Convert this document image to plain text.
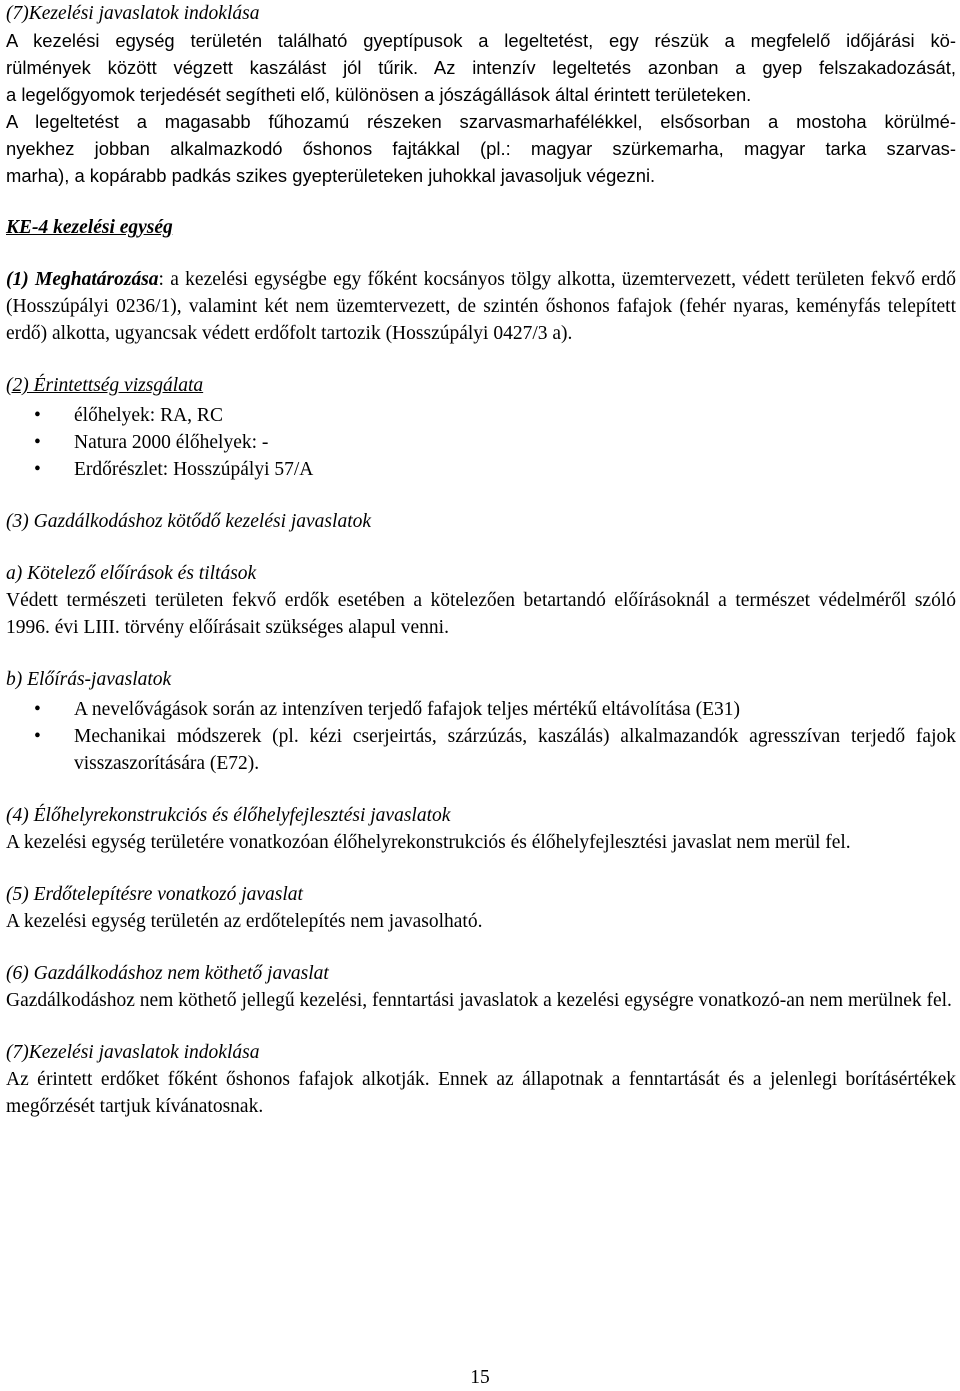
(7)Kezelési javaslatok indoklása

A kezelési egység területén található gyeptípusok a legeltetést, egy részük a megfelelő időjárási kö-
rülmények között végzett kaszálást jól tűrik. Az intenzív legeltetés azonban a gyep felszakadozását,
a legelőgyomok terjedését segítheti elő, különösen a jószágállások által érintett területeken.
A legeltetést a magasabb fűhozamú részeken szarvasmarhafélékkel, elsősorban a mostoha körülmé-
nyekhez jobban alkalmazkodó őshonos fajtákkal (pl.: magyar szürkemarha, magyar tarka szarvas-
marha), a kopárabb padkás szikes gyepterületeken juhokkal javasoljuk végezni.

KE-4 kezelési egység

(1) Meghatározása: a kezelési egységbe egy főként kocsányos tölgy alkotta, üzemtervezett, védett területen fekvő erdő (Hosszúpályi 0236/1), valamint két nem üzemtervezett, de szintén őshonos fafajok (fehér nyaras, keményfás telepített erdő) alkotta, ugyancsak védett erdőfolt tartozik (Hosszúpályi 0427/3 a).

(2) Érintettség vizsgálata

• élőhelyek: RA, RC
• Natura 2000 élőhelyek: -
• Erdőrészlet: Hosszúpályi 57/A

(3) Gazdálkodáshoz kötődő kezelési javaslatok

a) Kötelező előírások és tiltások

Védett természeti területen fekvő erdők esetében a kötelezően betartandó előírásoknál a természet védelméről szóló 1996. évi LIII. törvény előírásait szükséges alapul venni.

b) Előírás-javaslatok

• A nevelővágások során az intenzíven terjedő fafajok teljes mértékű eltávolítása (E31)
• Mechanikai módszerek (pl. kézi cserjeirtás, szárzúzás, kaszálás) alkalmazandók agresszívan terjedő fajok visszaszorítására (E72).

(4) Élőhelyrekonstrukciós és élőhelyfejlesztési javaslatok

A kezelési egység területére vonatkozóan élőhelyrekonstrukciós és élőhelyfejlesztési javaslat nem merül fel.

(5) Erdőtelepítésre vonatkozó javaslat

A kezelési egység területén az erdőtelepítés nem javasolható.

(6) Gazdálkodáshoz nem köthető javaslat

Gazdálkodáshoz nem köthető jellegű kezelési, fenntartási javaslatok a kezelési egységre vonatkozó-an nem merülnek fel.

(7)Kezelési javaslatok indoklása

Az érintett erdőket főként őshonos fafajok alkotják. Ennek az állapotnak a fenntartását és a jelenlegi borításértékek megőrzését tartjuk kívánatosnak.

15
